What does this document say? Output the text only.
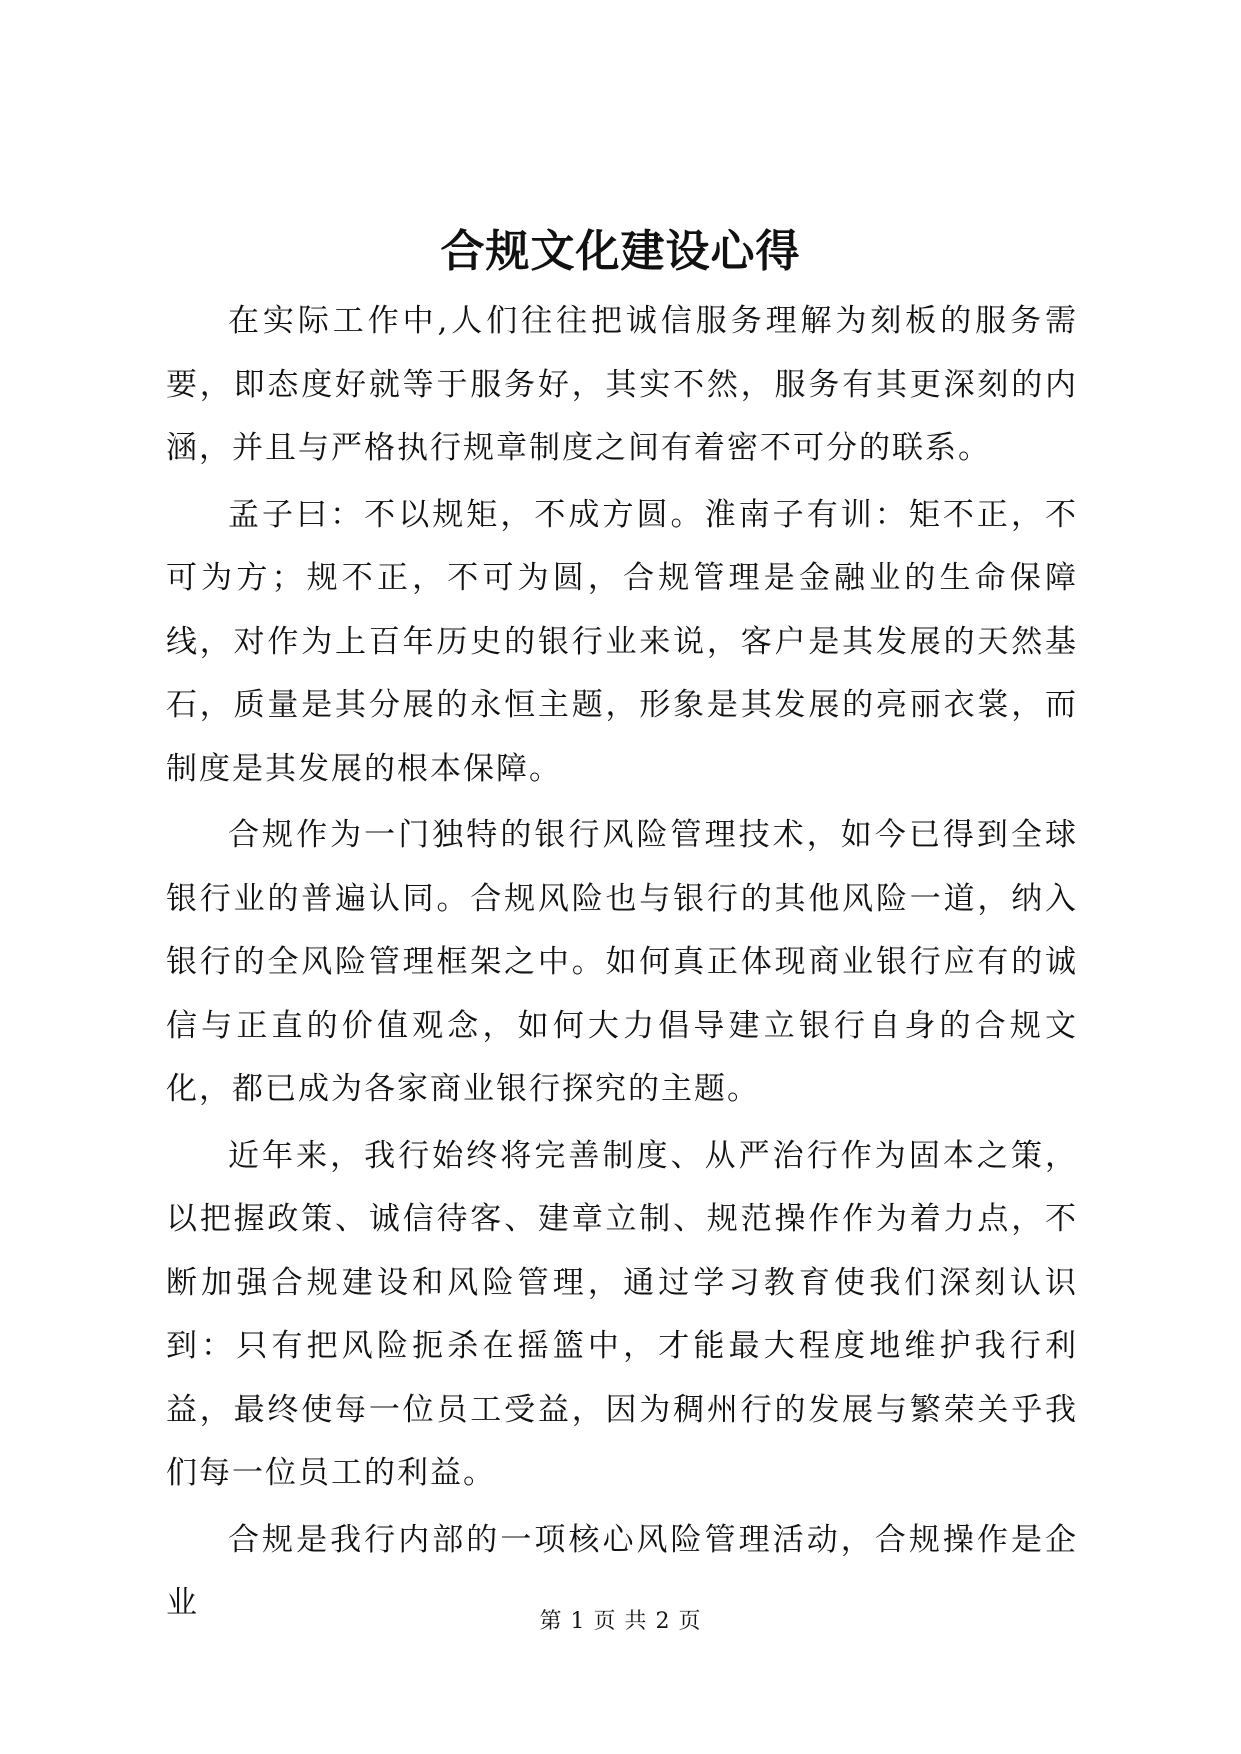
合规文化建设心得

在实际工作中,人们往往把诚信服务理解为刻板的服务需要，即态度好就等于服务好，其实不然，服务有其更深刻的内涵，并且与严格执行规章制度之间有着密不可分的联系。

孟子曰：不以规矩，不成方圆。淮南子有训：矩不正，不可为方；规不正，不可为圆，合规管理是金融业的生命保障线，对作为上百年历史的银行业来说，客户是其发展的天然基石，质量是其分展的永恒主题，形象是其发展的亮丽衣裳，而制度是其发展的根本保障。

合规作为一门独特的银行风险管理技术，如今已得到全球银行业的普遍认同。合规风险也与银行的其他风险一道，纳入银行的全风险管理框架之中。如何真正体现商业银行应有的诚信与正直的价值观念，如何大力倡导建立银行自身的合规文化，都已成为各家商业银行探究的主题。

近年来，我行始终将完善制度、从严治行作为固本之策，以把握政策、诚信待客、建章立制、规范操作作为着力点，不断加强合规建设和风险管理，通过学习教育使我们深刻认识到：只有把风险扼杀在摇篮中，才能最大程度地维护我行利益，最终使每一位员工受益，因为稠州行的发展与繁荣关乎我们每一位员工的利益。

合规是我行内部的一项核心风险管理活动，合规操作是企业

第 1 页 共 2 页
